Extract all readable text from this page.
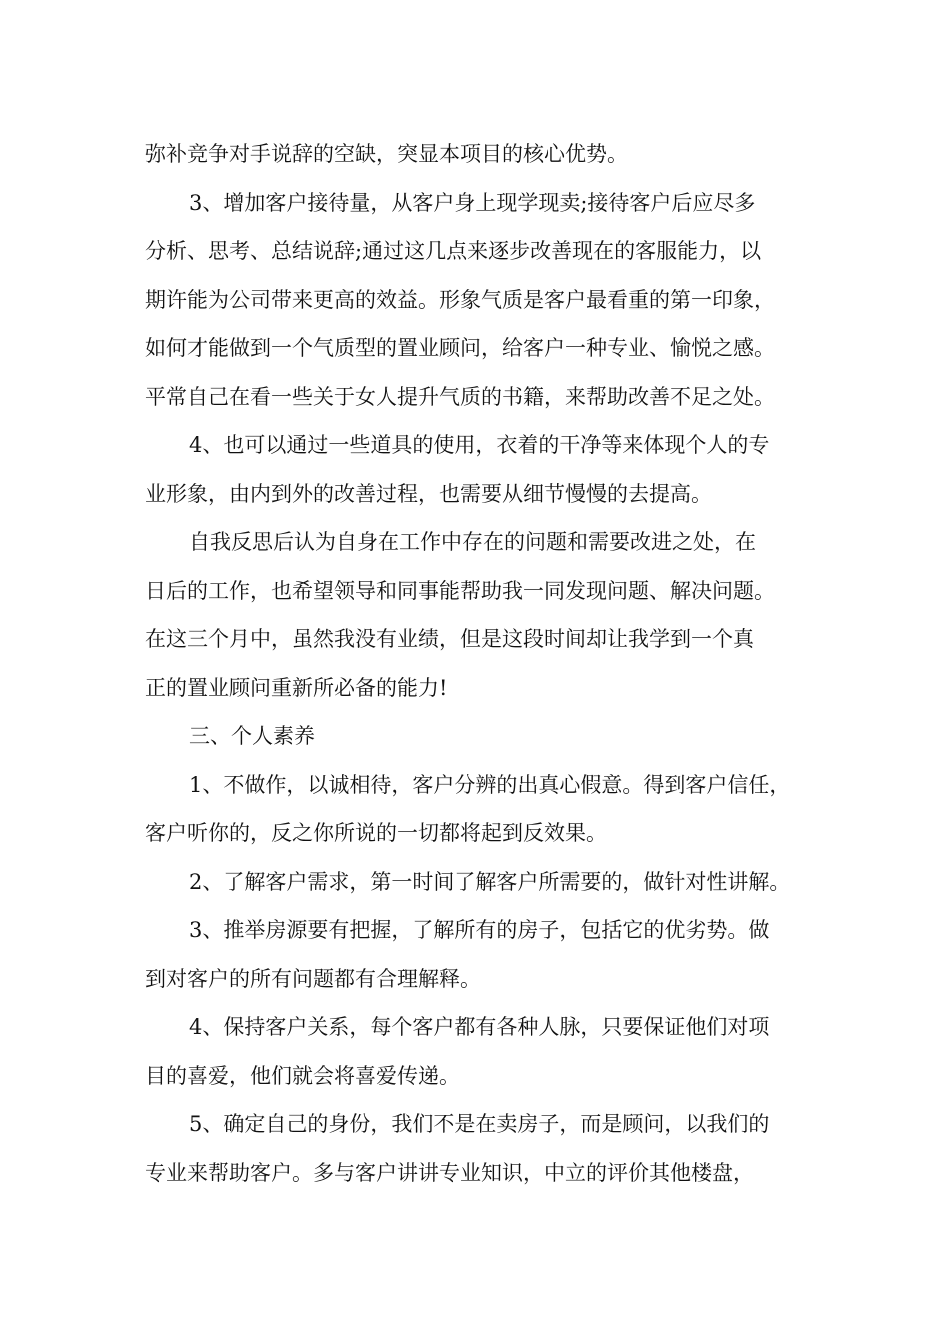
弥补竞争对手说辞的空缺，突显本项目的核心优势。
3、增加客户接待量，从客户身上现学现卖;接待客户后应尽多
分析、思考、总结说辞;通过这几点来逐步改善现在的客服能力，以
期许能为公司带来更高的效益。形象气质是客户最看重的第一印象，
如何才能做到一个气质型的置业顾问，给客户一种专业、愉悦之感。
平常自己在看一些关于女人提升气质的书籍，来帮助改善不足之处。
4、也可以通过一些道具的使用，衣着的干净等来体现个人的专
业形象，由内到外的改善过程，也需要从细节慢慢的去提高。
自我反思后认为自身在工作中存在的问题和需要改进之处，在
日后的工作，也希望领导和同事能帮助我一同发现问题、解决问题。
在这三个月中，虽然我没有业绩，但是这段时间却让我学到一个真
正的置业顾问重新所必备的能力!
三、个人素养
1、不做作，以诚相待，客户分辨的出真心假意。得到客户信任，
客户听你的，反之你所说的一切都将起到反效果。
2、了解客户需求，第一时间了解客户所需要的，做针对性讲解。
3、推举房源要有把握，了解所有的房子，包括它的优劣势。做
到对客户的所有问题都有合理解释。
4、保持客户关系，每个客户都有各种人脉，只要保证他们对项
目的喜爱，他们就会将喜爱传递。
5、确定自己的身份，我们不是在卖房子，而是顾问，以我们的
专业来帮助客户。多与客户讲讲专业知识，中立的评价其他楼盘，
